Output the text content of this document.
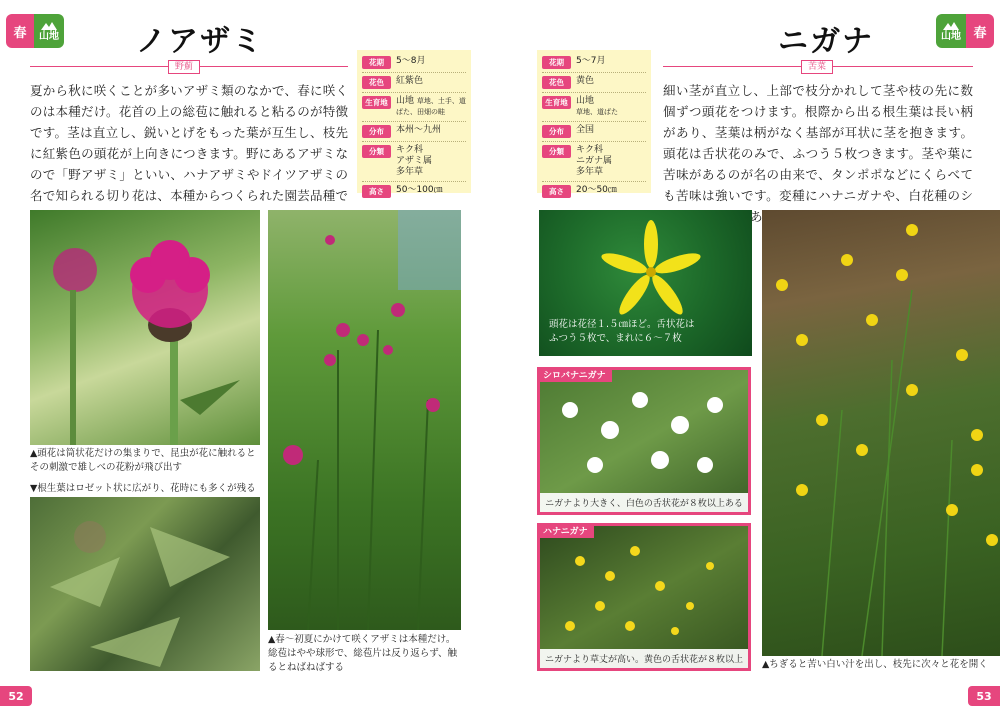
春	山地	ノアザミ
野薊
夏から秋に咲くことが多いアザミ類のなかで、春に咲くのは本種だけ。花首の上の総苞に触れると粘るのが特徴です。茎は直立し、鋭いとげをもった葉が互生し、枝先に紅紫色の頭花が上向きにつきます。野にあるアザミなので「野アザミ」といい、ハナアザミやドイツアザミの名で知られる切り花は、本種からつくられた園芸品種で
花期	5～8月
花色	紅紫色
生育地 山地 草地、土手、道ばた、田畑の畦
分布	本州～九州
分類	キク科
アザミ属
多年草
高さ	50～100㎝
▲頭花は筒状花だけの集まりで、昆虫が花に触れるとその刺激で雄しべの花粉が飛び出す
▼根生葉はロゼット状に広がり、花時にも多くが残る
▲春～初夏にかけて咲くアザミは本種だけ。総苞はやや球形で、総苞片は反り返らず、触るとねばねばする
52
山地 春
ニガナ
苦菜
細い茎が直立し、上部で枝分かれして茎や枝の先に数個ずつ頭花をつけます。根際から出る根生葉は長い柄があり、茎葉は柄がなく基部が耳状に茎を抱きます。頭花は舌状花のみで、ふつう５枚つきます。茎や葉に苦味があるのが名の由来で、タンポポなどにくらべても苦味は強いです。変種にハナニガナや、白花種のシ あ
花期	5～7月
花色	黄色
生育地 山地
草地、道ばた
分布	全国
分類	キク科
ニガナ属
多年草
高さ	20～50㎝
頭花は花径１.５㎝ほど。舌状花はふつう５枚で、まれに６～７枚
シロバナニガナ
ニガナより大きく、白色の舌状花が８枚以上ある
ハナニガナ
ニガナより草丈が高い。黄色の舌状花が８枚以上	▲ちぎると苦い白い汁を出し、枝先に次々と花を開く
53
